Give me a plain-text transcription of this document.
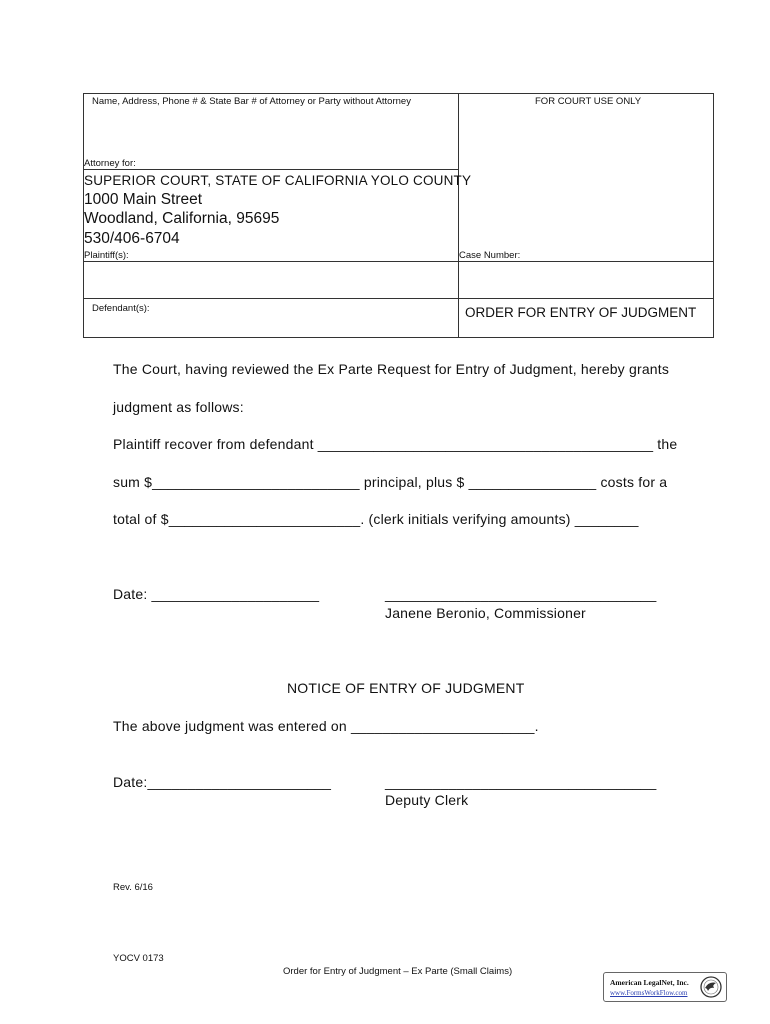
Name, Address, Phone # & State Bar # of Attorney or Party without Attorney	FOR COURT USE ONLY
Attorney for:
SUPERIOR COURT, STATE OF CALIFORNIA YOLO COUNTY
1000 Main Street
Woodland, California, 95695
530/406-6704
Plaintiff(s):	Case Number:
Defendant(s):	ORDER FOR ENTRY OF JUDGMENT
The Court, having reviewed the Ex Parte Request for Entry of Judgment, hereby grants
judgment as follows:
Plaintiff recover from defendant __________________________________________ the
sum $__________________________ principal, plus $ ________________ costs for a
total of $________________________. (clerk initials verifying amounts) ________
Date: _____________________	__________________________________
Janene Beronio, Commissioner
NOTICE OF ENTRY OF JUDGMENT
The above judgment was entered on _______________________.
Date:_______________________	__________________________________
Deputy Clerk
Rev. 6/16
YOCV 0173
Order for Entry of Judgment – Ex Parte (Small Claims)
American LegalNet, Inc.
www.FormsWorkFlow.com
